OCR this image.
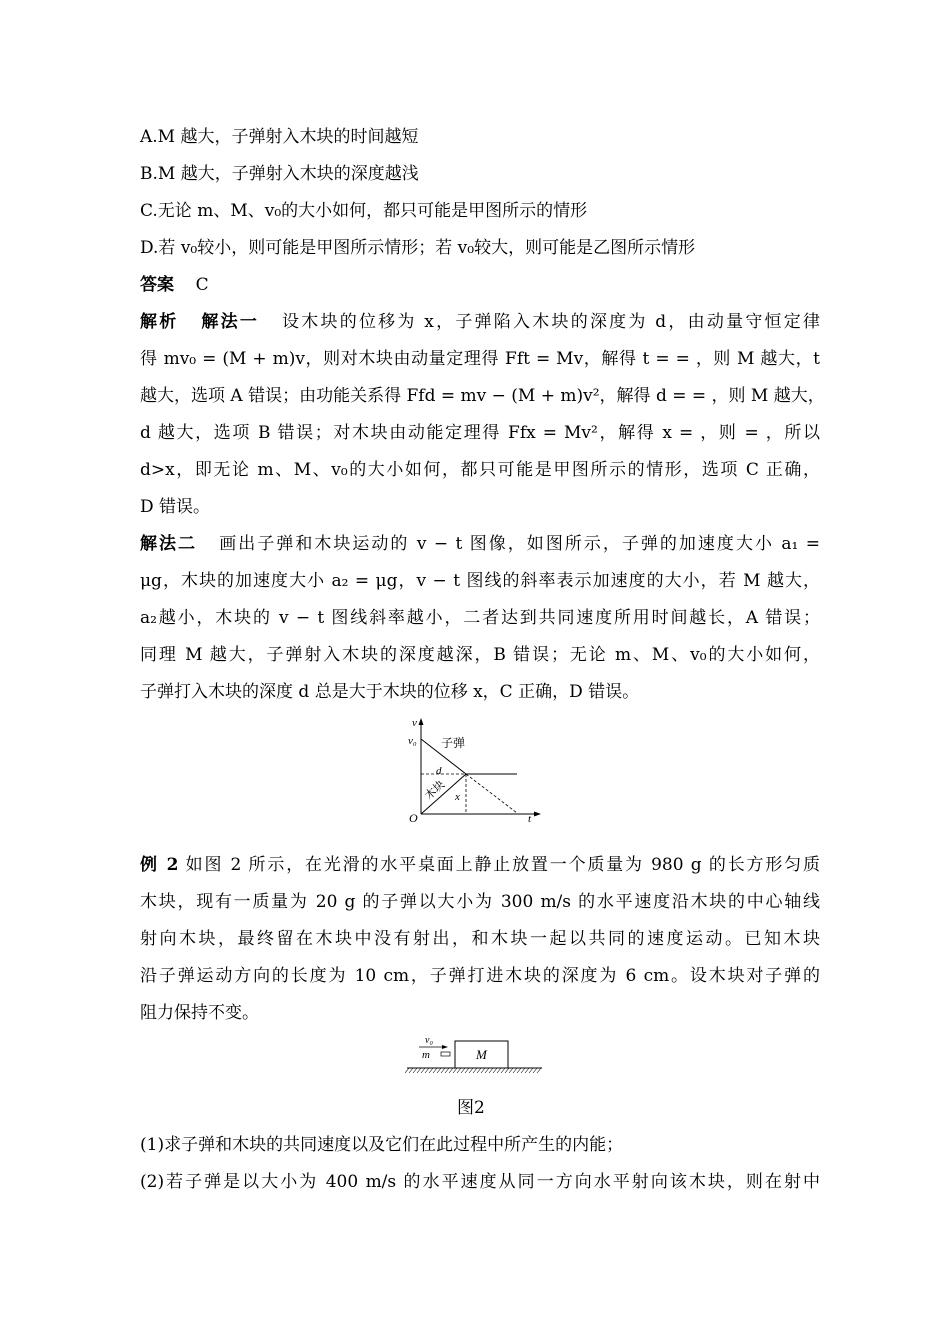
A.M 越大，子弹射入木块的时间越短
B.M 越大，子弹射入木块的深度越浅
C.无论 m、M、v₀的大小如何，都只可能是甲图所示的情形
D.若 v₀较小，则可能是甲图所示情形；若 v₀较大，则可能是乙图所示情形
答案 C
解析 解法一 设木块的位移为 x，子弹陷入木块的深度为 d，由动量守恒定律
得 mv₀ = (M + m)v，则对木块由动量定理得 Fft = Mv，解得 t = = ，则 M 越大，t
越大，选项 A 错误；由功能关系得 Ffd = mv − (M + m)v²，解得 d = = ，则 M 越大，
d 越大，选项 B 错误；对木块由动能定理得 Ffx = Mv²，解得 x = ，则 = ，所以
d>x，即无论 m、M、v₀的大小如何，都只可能是甲图所示的情形，选项 C 正确，
D 错误。
解法二 画出子弹和木块运动的 v − t 图像，如图所示，子弹的加速度大小 a₁ =
μg，木块的加速度大小 a₂ = μg，v − t 图线的斜率表示加速度的大小，若 M 越大，
a₂越小，木块的 v − t 图线斜率越小，二者达到共同速度所用时间越长，A 错误；
同理 M 越大，子弹射入木块的深度越深，B 错误；无论 m、M、v₀的大小如何，
子弹打入木块的深度 d 总是大于木块的位移 x，C 正确，D 错误。
v
v₀
t
O
子弹
木块
d
x
例 2 如图 2 所示，在光滑的水平桌面上静止放置一个质量为 980 g 的长方形匀质
木块，现有一质量为 20 g 的子弹以大小为 300 m/s 的水平速度沿木块的中心轴线
射向木块，最终留在木块中没有射出，和木块一起以共同的速度运动。已知木块
沿子弹运动方向的长度为 10 cm，子弹打进木块的深度为 6 cm。设木块对子弹的
阻力保持不变。
M
v₀
m
图2
(1)求子弹和木块的共同速度以及它们在此过程中所产生的内能；
(2)若子弹是以大小为 400 m/s 的水平速度从同一方向水平射向该木块，则在射中
